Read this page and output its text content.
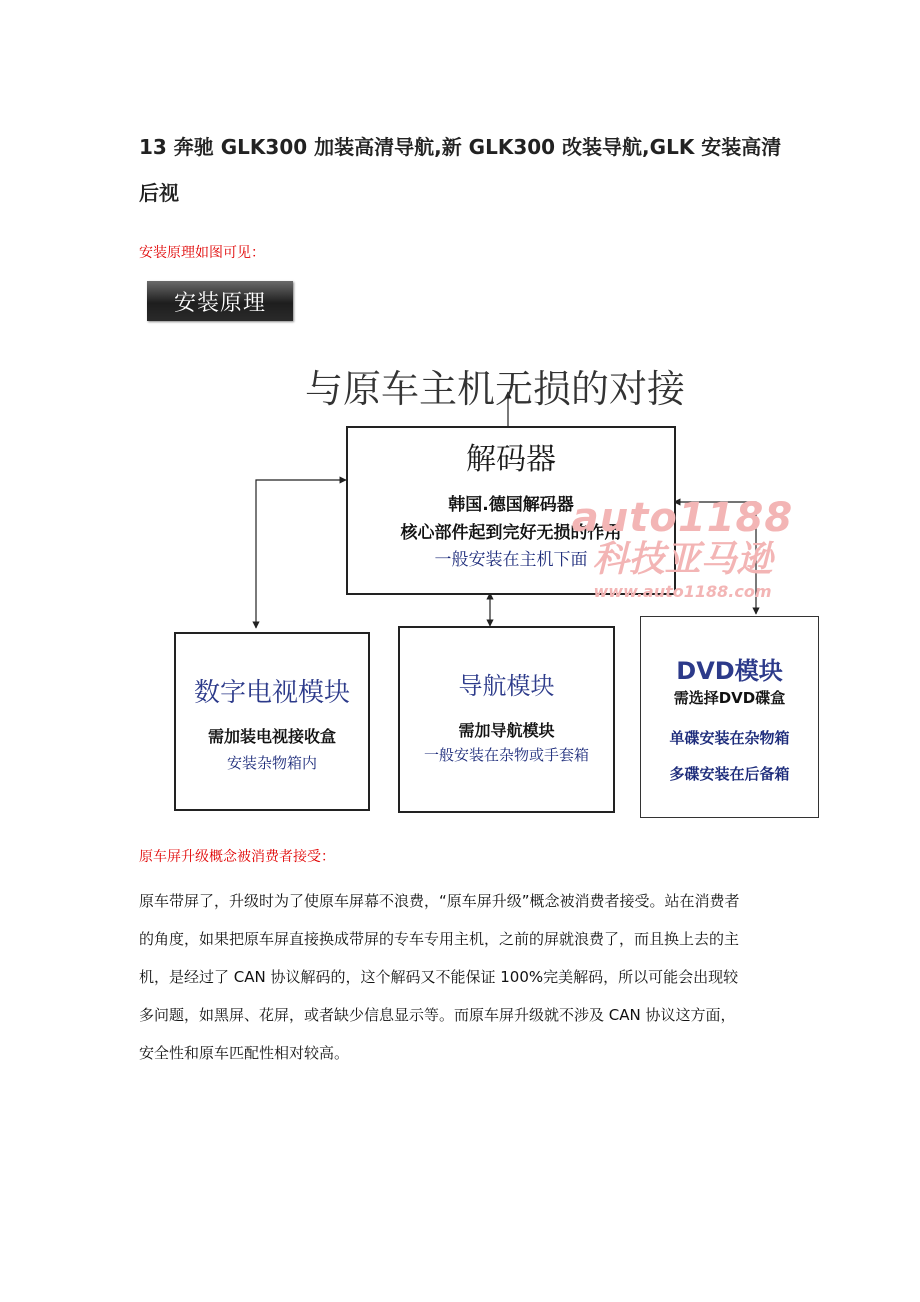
13 奔驰 GLK300 加装高清导航,新 GLK300 改装导航,GLK 安装高清
后视
安装原理如图可见：
安装原理
与原车主机无损的对接
解码器
韩国.德国解码器
核心部件起到完好无损的作用
一般安装在主机下面
auto1188
科技亚马逊
www.auto1188.com
数字电视模块
需加装电视接收盒
安装杂物箱内
导航模块
需加导航模块
一般安装在杂物或手套箱
DVD模块
需选择DVD碟盒
单碟安装在杂物箱
多碟安装在后备箱
原车屏升级概念被消费者接受：

原车带屏了，升级时为了使原车屏幕不浪费，“原车屏升级”概念被消费者接受。站在消费者

的角度，如果把原车屏直接换成带屏的专车专用主机，之前的屏就浪费了，而且换上去的主

机，是经过了 CAN 协议解码的，这个解码又不能保证 100%完美解码，所以可能会出现较

多问题，如黑屏、花屏，或者缺少信息显示等。而原车屏升级就不涉及 CAN 协议这方面，

安全性和原车匹配性相对较高。
